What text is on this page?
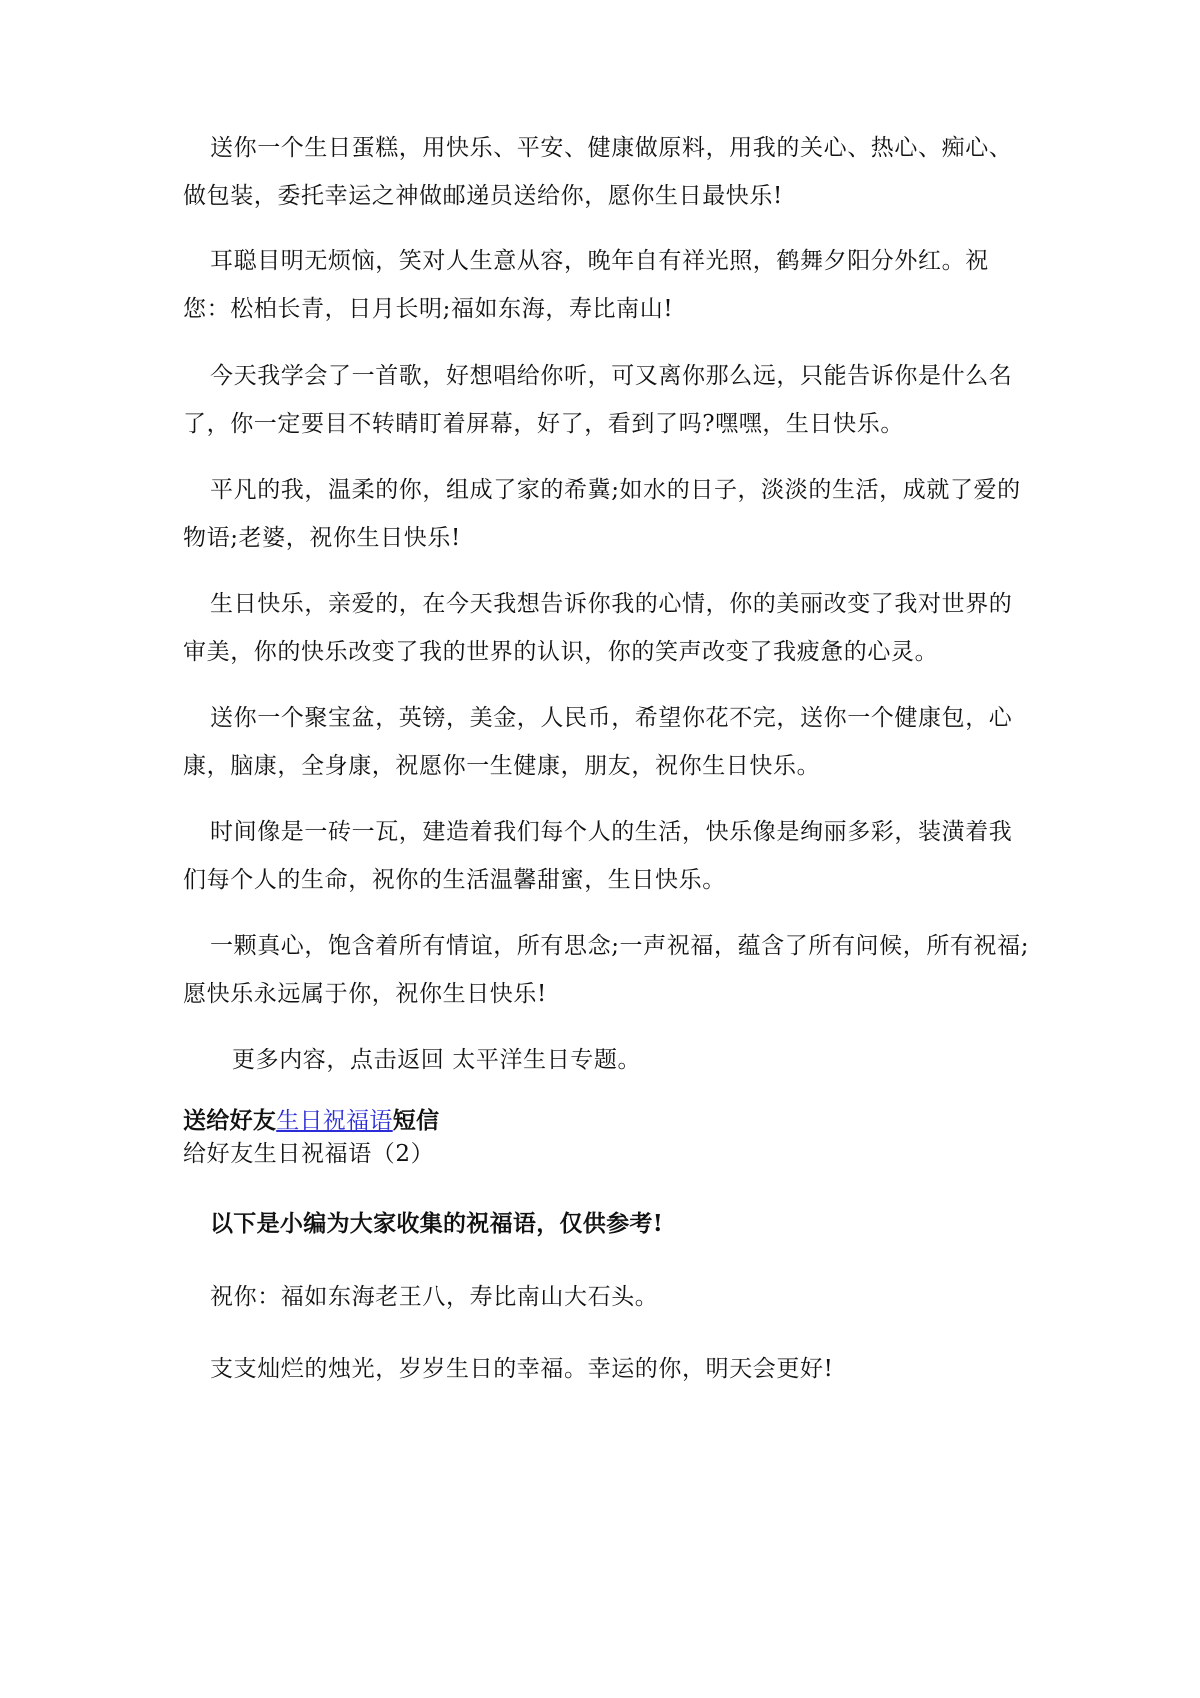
送你一个生日蛋糕，用快乐、平安、健康做原料，用我的关心、热心、痴心、做包装，委托幸运之神做邮递员送给你，愿你生日最快乐!

耳聪目明无烦恼，笑对人生意从容，晚年自有祥光照，鹤舞夕阳分外红。祝您：松柏长青，日月长明;福如东海，寿比南山!

今天我学会了一首歌，好想唱给你听，可又离你那么远，只能告诉你是什么名了，你一定要目不转睛盯着屏幕，好了，看到了吗?嘿嘿，生日快乐。

平凡的我，温柔的你，组成了家的希冀;如水的日子，淡淡的生活，成就了爱的物语;老婆，祝你生日快乐!

生日快乐，亲爱的，在今天我想告诉你我的心情，你的美丽改变了我对世界的审美，你的快乐改变了我的世界的认识，你的笑声改变了我疲惫的心灵。

送你一个聚宝盆，英镑，美金，人民币，希望你花不完，送你一个健康包，心康，脑康，全身康，祝愿你一生健康，朋友，祝你生日快乐。

时间像是一砖一瓦，建造着我们每个人的生活，快乐像是绚丽多彩，装潢着我们每个人的生命，祝你的生活温馨甜蜜，生日快乐。

一颗真心，饱含着所有情谊，所有思念;一声祝福，蕴含了所有问候，所有祝福;愿快乐永远属于你，祝你生日快乐!

更多内容，点击返回 太平洋生日专题。

送给好友生日祝福语短信

给好友生日祝福语（2）

以下是小编为大家收集的祝福语，仅供参考!

祝你：福如东海老王八，寿比南山大石头。

支支灿烂的烛光，岁岁生日的幸福。幸运的你，明天会更好!
